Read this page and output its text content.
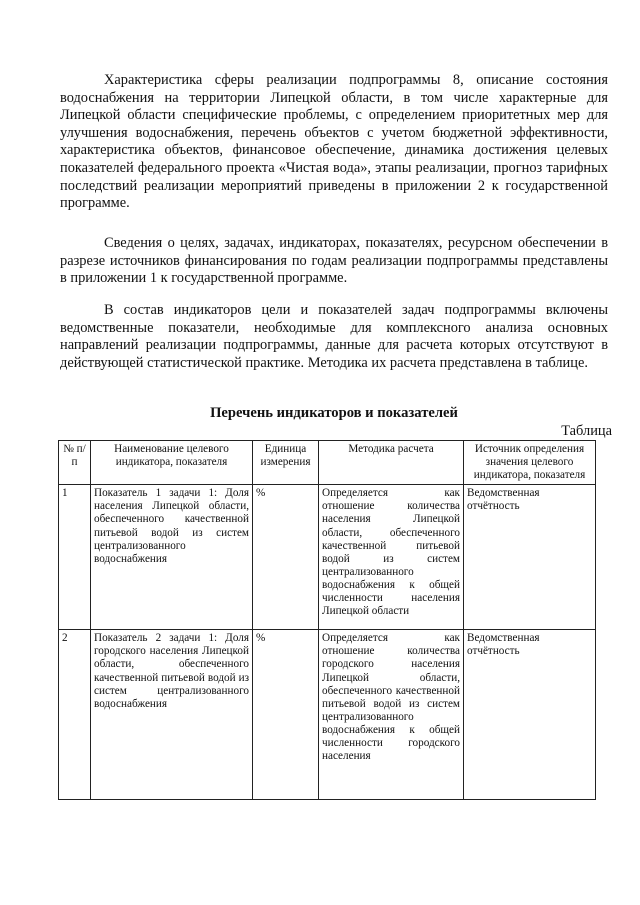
Характеристика сферы реализации подпрограммы 8, описание состояния водоснабжения на территории Липецкой области, в том числе характерные для Липецкой области специфические проблемы, с определением приоритетных мер для улучшения водоснабжения, перечень объектов с учетом бюджетной эффективности, характеристика объектов, финансовое обеспечение, динамика достижения целевых показателей федерального проекта «Чистая вода», этапы реализации, прогноз тарифных последствий реализации мероприятий приведены в приложении 2 к государственной программе.

Сведения о целях, задачах, индикаторах, показателях, ресурсном обеспечении в разрезе источников финансирования по годам реализации подпрограммы представлены в приложении 1 к государственной программе.

В состав индикаторов цели и показателей задач подпрограммы включены ведомственные показатели, необходимые для комплексного анализа основных направлений реализации подпрограммы, данные для расчета которых отсутствуют в действующей статистической практике. Методика их расчета представлена в таблице.

Перечень индикаторов и показателей

Таблица
№ п/п	Наименование целевого индикатора, показателя	Единица измерения	Методика расчета	Источник определения значения целевого индикатора, показателя
1	Показатель 1 задачи 1: Доля населения Липецкой области, обеспеченного качественной питьевой водой из систем централизованного водоснабжения	%	Определяется как отношение количества населения Липецкой области, обеспеченного качественной питьевой водой из систем централизованного водоснабжения к общей численности населения Липецкой области	Ведомственная отчётность
2	Показатель 2 задачи 1: Доля городского населения Липецкой области, обеспеченного качественной питьевой водой из систем централизованного водоснабжения	%	Определяется как отношение количества городского населения Липецкой области, обеспеченного качественной питьевой водой из систем централизованного водоснабжения к общей численности городского населения	Ведомственная отчётность
